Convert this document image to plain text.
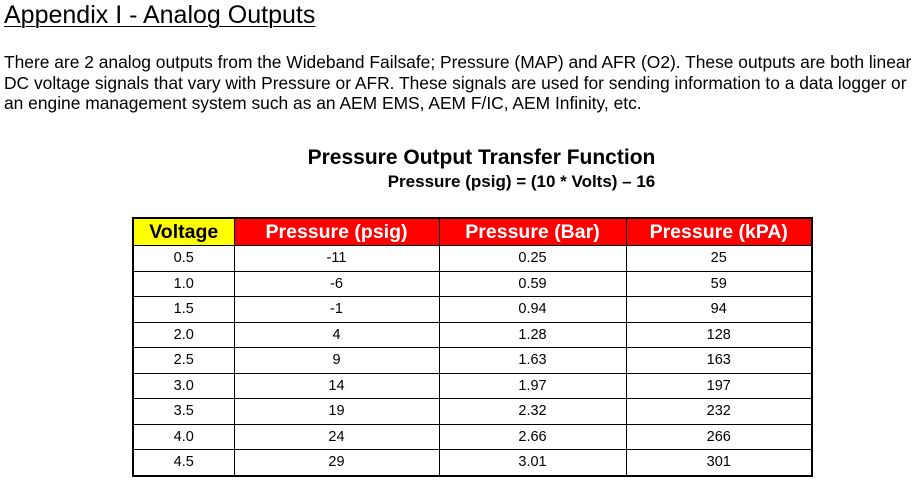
Appendix I - Analog Outputs

There are 2 analog outputs from the Wideband Failsafe; Pressure (MAP) and AFR (O2). These outputs are both linear DC voltage signals that vary with Pressure or AFR. These signals are used for sending information to a data logger or an engine management system such as an AEM EMS, AEM F/IC, AEM Infinity, etc.

Pressure Output Transfer Function
Pressure (psig) = (10 * Volts) – 16
Voltage	Pressure (psig)	Pressure (Bar)	Pressure (kPA)
0.5	-11	0.25	25
1.0	-6	0.59	59
1.5	-1	0.94	94
2.0	4	1.28	128
2.5	9	1.63	163
3.0	14	1.97	197
3.5	19	2.32	232
4.0	24	2.66	266
4.5	29	3.01	301
